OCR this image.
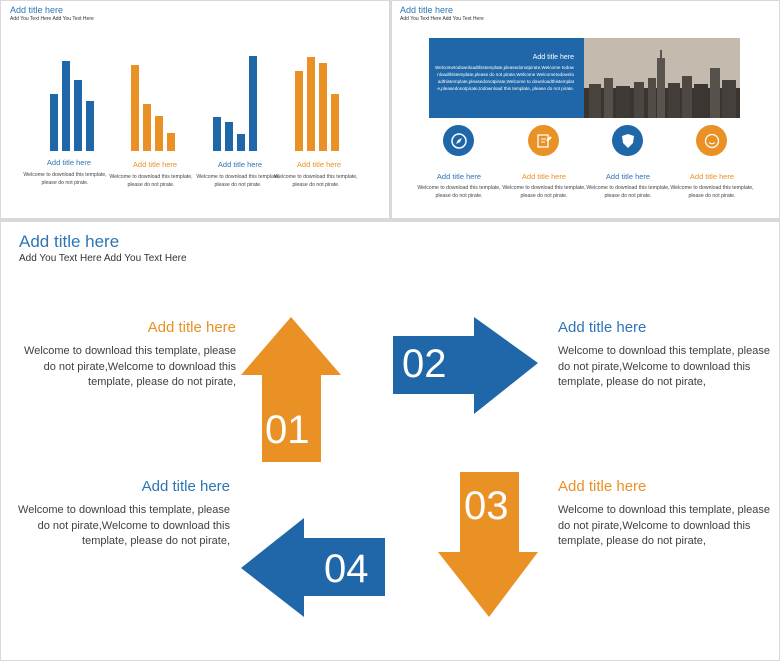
Add title here
Add You Text Here Add You Text Here
Add title here
Welcome to download this template, please do not pirate.
Add title here
Welcome to download this template, please do not pirate.
Add title here
Welcome to download this template, please do not pirate.
Add title here
Welcome to download this template, please do not pirate.
Add title here
Add You Text Here Add You Text Here
Add title here
Welcometodownloadthistemplate,pleasedonotpirate,Welcome todownloadthistemplate,please do not pirate,Welcome Welcometodownloadthistemplate,pleasedonotpirate,Welcome to downloadthistemplate,pleasedonotpirate,todownload this template, please do not pirate.
Add title here
Welcome to download this template, please do not pirate.
Add title here
Welcome to download this template, please do not pirate.
Add title here
Welcome to download this template, please do not pirate.
Add title here
Welcome to download this template, please do not pirate.
Add title here
Add You Text Here Add You Text Here
01
02
03
04
Add title here
Welcome to download this template, please do not pirate,Welcome to download this template, please do not pirate,
Add title here
Welcome to download this template, please do not pirate,Welcome to download this template, please do not pirate,
Add title here
Welcome to download this template, please do not pirate,Welcome to download this template, please do not pirate,
Add title here
Welcome to download this template, please do not pirate,Welcome to download this template, please do not pirate,
